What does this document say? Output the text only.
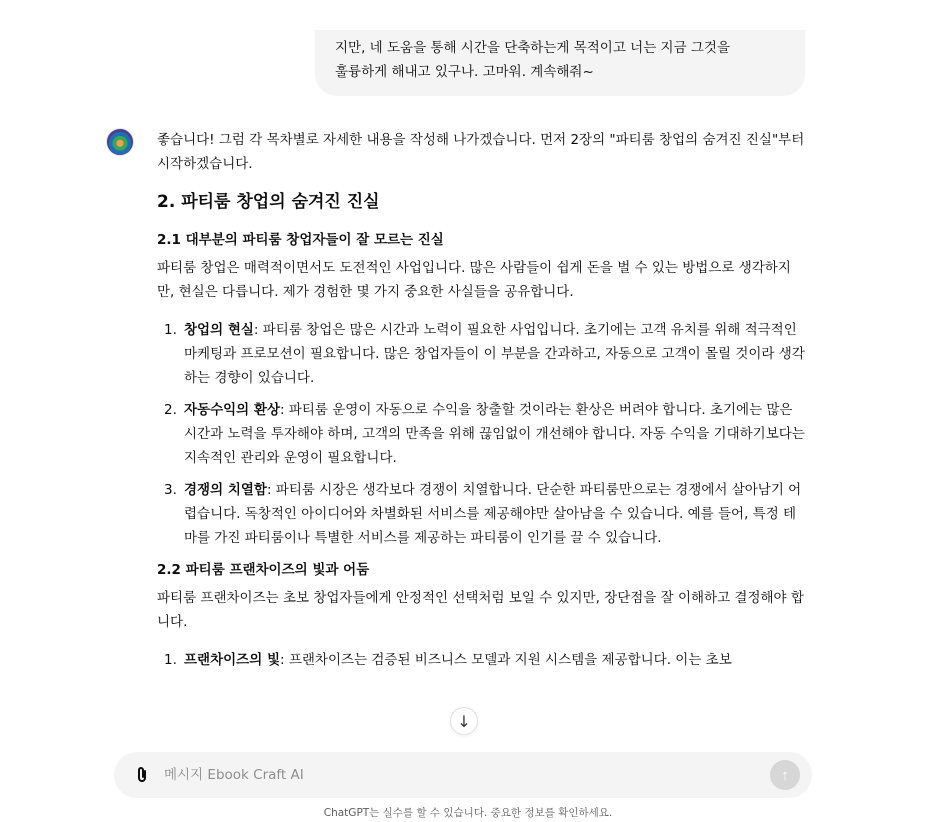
지만, 네 도움을 통해 시간을 단축하는게 목적이고 너는 지금 그것을

훌륭하게 해내고 있구나. 고마워. 계속해줘~

좋습니다! 그럼 각 목차별로 자세한 내용을 작성해 나가겠습니다. 먼저 2장의 "파티룸 창업의 숨겨진 진실"부터 시작하겠습니다.

2. 파티룸 창업의 숨겨진 진실
2.1 대부분의 파티룸 창업자들이 잘 모르는 진실

파티룸 창업은 매력적이면서도 도전적인 사업입니다. 많은 사람들이 쉽게 돈을 벌 수 있는 방법으로 생각하지만, 현실은 다릅니다. 제가 경험한 몇 가지 중요한 사실들을 공유합니다.

1. 창업의 현실: 파티룸 창업은 많은 시간과 노력이 필요한 사업입니다. 초기에는 고객 유치를 위해 적극적인 마케팅과 프로모션이 필요합니다. 많은 창업자들이 이 부분을 간과하고, 자동으로 고객이 몰릴 것이라 생각하는 경향이 있습니다.
2. 자동수익의 환상: 파티룸 운영이 자동으로 수익을 창출할 것이라는 환상은 버려야 합니다. 초기에는 많은 시간과 노력을 투자해야 하며, 고객의 만족을 위해 끊임없이 개선해야 합니다. 자동 수익을 기대하기보다는 지속적인 관리와 운영이 필요합니다.
3. 경쟁의 치열함: 파티룸 시장은 생각보다 경쟁이 치열합니다. 단순한 파티룸만으로는 경쟁에서 살아남기 어렵습니다. 독창적인 아이디어와 차별화된 서비스를 제공해야만 살아남을 수 있습니다. 예를 들어, 특정 테마를 가진 파티룸이나 특별한 서비스를 제공하는 파티룸이 인기를 끌 수 있습니다.
2.2 파티룸 프랜차이즈의 빛과 어둠

파티룸 프랜차이즈는 초보 창업자들에게 안정적인 선택처럼 보일 수 있지만, 장단점을 잘 이해하고 결정해야 합니다.

1. 프랜차이즈의 빛: 프랜차이즈는 검증된 비즈니스 모델과 지원 시스템을 제공합니다. 이는 초보
↓
메시지 Ebook Craft AI
↑
ChatGPT는 실수를 할 수 있습니다. 중요한 정보를 확인하세요.
